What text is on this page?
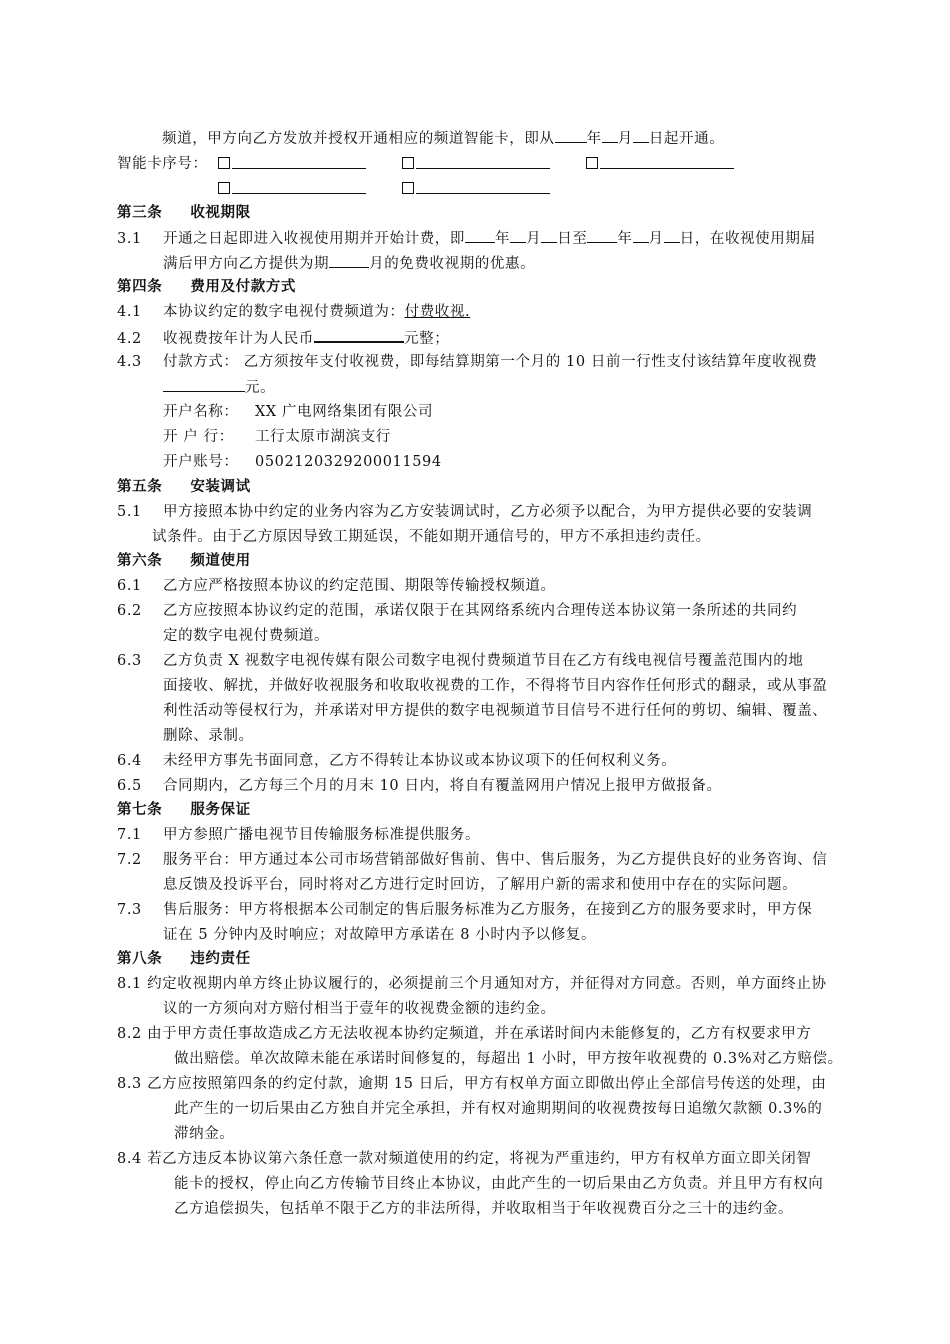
频道，甲方向乙方发放并授权开通相应的频道智能卡，即从 年 月 日起开通。
智能卡序号：
第三条 收视期限
3.1 开通之日起即进入收视使用期并开始计费，即 年 月 日至 年 月 日，在收视使用期届
满后甲方向乙方提供为期	月的免费收视期的优惠。
第四条 费用及付款方式
4.1 本协议约定的数字电视付费频道为：付费收视.
4.2 收视费按年计为人民币	元整；
4.3 付款方式： 乙方须按年支付收视费，即每结算期第一个月的 10 日前一行性支付该结算年度收视费
元。
开户名称： XX 广电网络集团有限公司
开 户 行： 工行太原市湖滨支行
开户账号： 0502120329200011594
第五条 安装调试
5.1 甲方接照本协中约定的业务内容为乙方安装调试时，乙方必须予以配合，为甲方提供必要的安装调
试条件。由于乙方原因导致工期延误，不能如期开通信号的，甲方不承担违约责任。
第六条 频道使用
6.1 乙方应严格按照本协议的约定范围、期限等传输授权频道。
6.2 乙方应按照本协议约定的范围，承诺仅限于在其网络系统内合理传送本协议第一条所述的共同约
定的数字电视付费频道。
6.3 乙方负责 X 视数字电视传媒有限公司数字电视付费频道节目在乙方有线电视信号覆盖范围内的地
面接收、解扰，并做好收视服务和收取收视费的工作，不得将节目内容作任何形式的翻录，或从事盈
利性活动等侵权行为，并承诺对甲方提供的数字电视频道节目信号不进行任何的剪切、编辑、覆盖、
删除、录制。
6.4 未经甲方事先书面同意，乙方不得转让本协议或本协议项下的任何权利义务。
6.5 合同期内，乙方每三个月的月末 10 日内，将自有覆盖网用户情况上报甲方做报备。
第七条 服务保证
7.1 甲方参照广播电视节目传输服务标准提供服务。
7.2 服务平台：甲方通过本公司市场营销部做好售前、售中、售后服务，为乙方提供良好的业务咨询、信
息反馈及投诉平台，同时将对乙方进行定时回访，了解用户新的需求和使用中存在的实际问题。
7.3 售后服务：甲方将根据本公司制定的售后服务标准为乙方服务，在接到乙方的服务要求时，甲方保
证在 5 分钟内及时响应；对故障甲方承诺在 8 小时内予以修复。
第八条 违约责任
8.1 约定收视期内单方终止协议履行的，必须提前三个月通知对方，并征得对方同意。否则，单方面终止协
议的一方须向对方赔付相当于壹年的收视费金额的违约金。
8.2 由于甲方责任事故造成乙方无法收视本协约定频道，并在承诺时间内未能修复的，乙方有权要求甲方
做出赔偿。单次故障未能在承诺时间修复的，每超出 1 小时，甲方按年收视费的 0.3%对乙方赔偿。
8.3 乙方应按照第四条的约定付款，逾期 15 日后，甲方有权单方面立即做出停止全部信号传送的处理，由
此产生的一切后果由乙方独自并完全承担，并有权对逾期期间的收视费按每日追缴欠款额 0.3%的
滞纳金。
8.4 若乙方违反本协议第六条任意一款对频道使用的约定，将视为严重违约，甲方有权单方面立即关闭智
能卡的授权，停止向乙方传输节目终止本协议，由此产生的一切后果由乙方负责。并且甲方有权向
乙方追偿损失，包括单不限于乙方的非法所得，并收取相当于年收视费百分之三十的违约金。
